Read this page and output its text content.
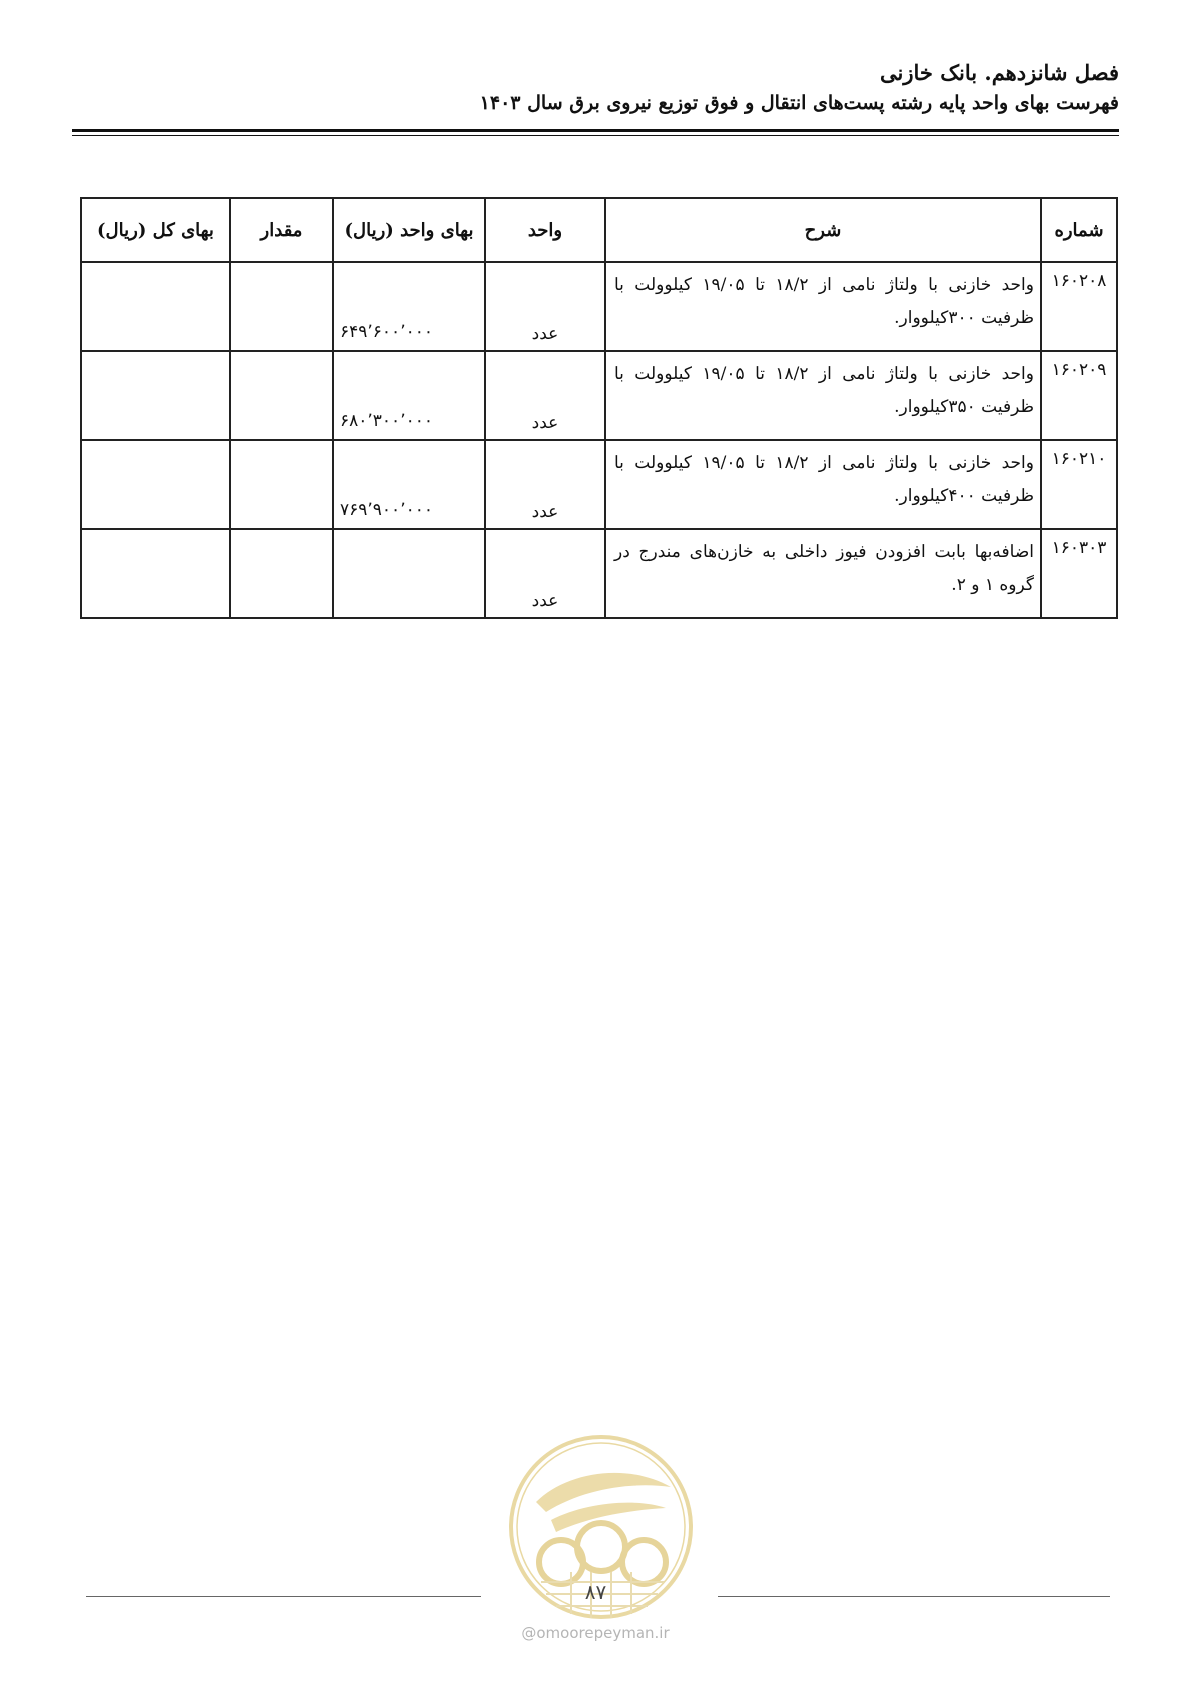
فصل شانزدهم. بانک خازنی
فهرست بهای واحد پایه رشته پست‌های انتقال و فوق توزیع نیروی برق سال ۱۴۰۳
شماره	شرح	واحد	بهای واحد (ریال)	مقدار	بهای کل (ریال)
۱۶۰۲۰۸	واحد خازنی با ولتاژ نامی از ۱۸/۲ تا ۱۹/۰۵ کیلوولت با ظرفیت ۳۰۰کیلووار.	عدد	۶۴۹٬۶۰۰٬۰۰۰		
۱۶۰۲۰۹	واحد خازنی با ولتاژ نامی از ۱۸/۲ تا ۱۹/۰۵ کیلوولت با ظرفیت ۳۵۰کیلووار.	عدد	۶۸۰٬۳۰۰٬۰۰۰		
۱۶۰۲۱۰	واحد خازنی با ولتاژ نامی از ۱۸/۲ تا ۱۹/۰۵ کیلوولت با ظرفیت ۴۰۰کیلووار.	عدد	۷۶۹٬۹۰۰٬۰۰۰		
۱۶۰۳۰۳	اضافه‌بها بابت افزودن فیوز داخلی به خازن‌های مندرج در گروه ۱ و ۲.	عدد			
۸۷
@omoorepeyman.ir
